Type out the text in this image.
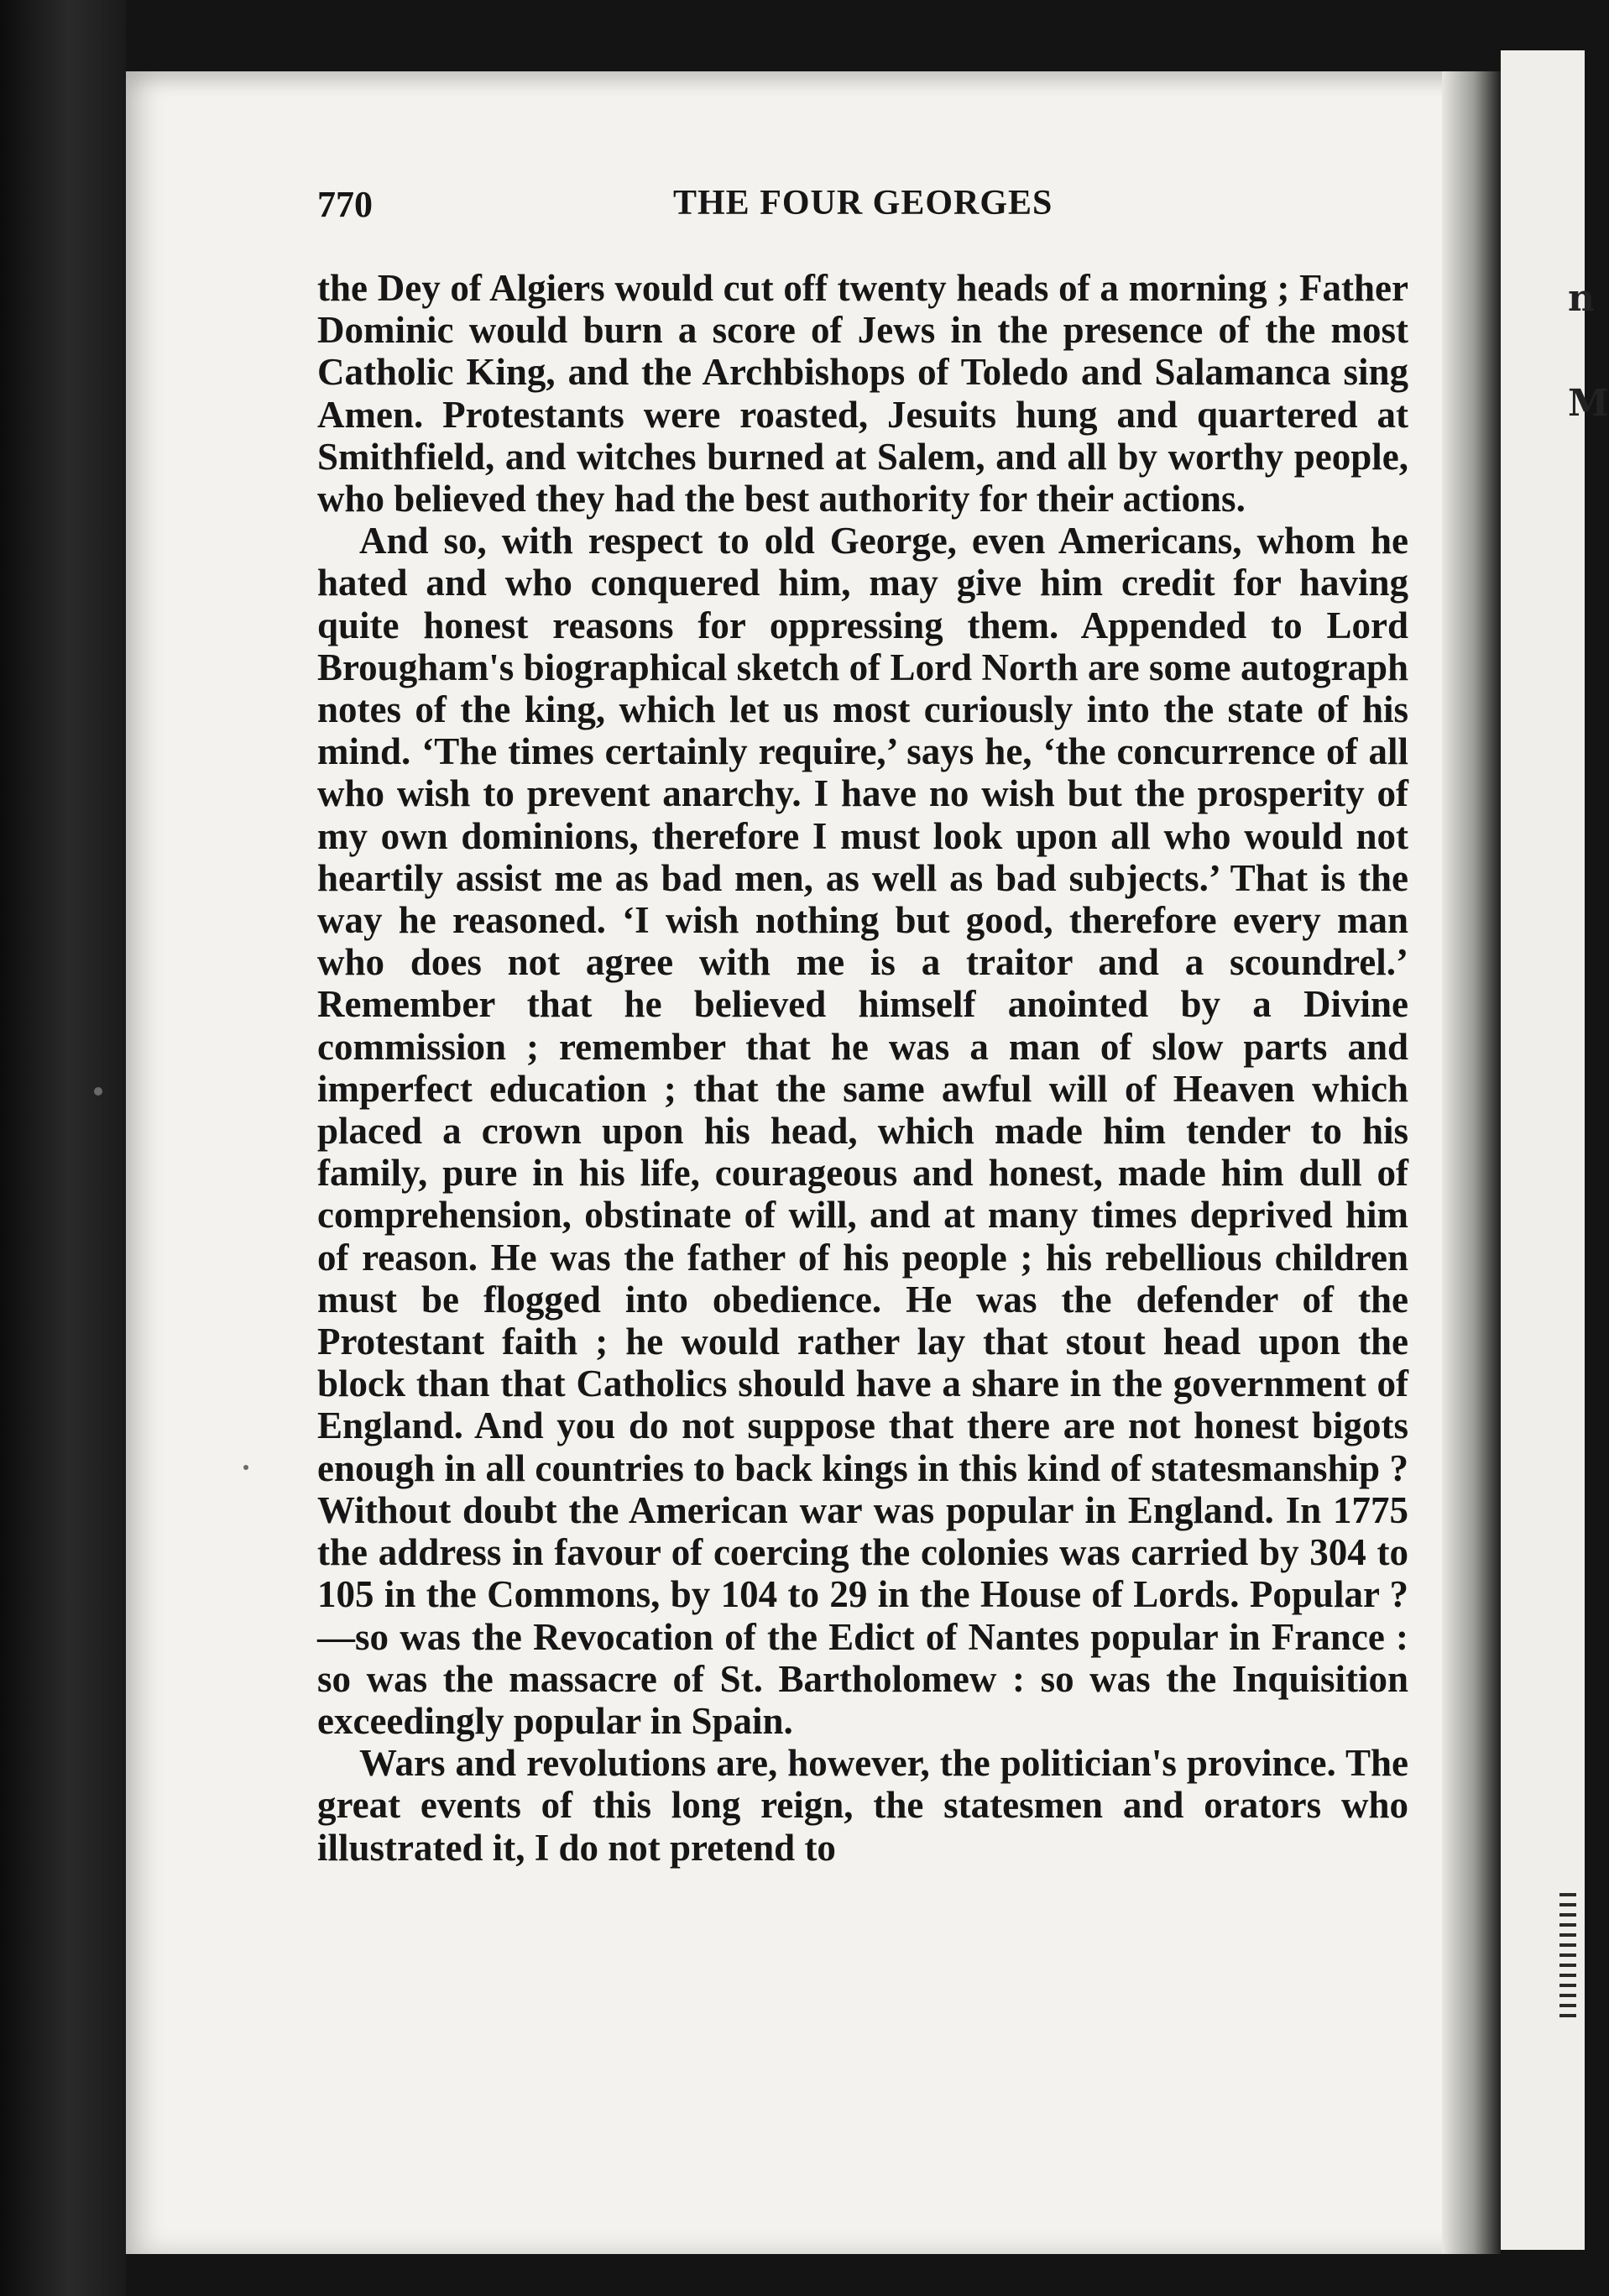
n
M
770	THE FOUR GEORGES

the Dey of Algiers would cut off twenty heads of a morning ; Father Dominic would burn a score of Jews in the presence of the most Catholic King, and the Archbishops of Toledo and Salamanca sing Amen. Protestants were roasted, Jesuits hung and quartered at Smithfield, and witches burned at Salem, and all by worthy people, who believed they had the best authority for their actions.

And so, with respect to old George, even Americans, whom he hated and who conquered him, may give him credit for having quite honest reasons for oppressing them. Appended to Lord Brougham's biographical sketch of Lord North are some autograph notes of the king, which let us most curiously into the state of his mind. ‘The times certainly require,’ says he, ‘the concurrence of all who wish to prevent anarchy. I have no wish but the prosperity of my own dominions, therefore I must look upon all who would not heartily assist me as bad men, as well as bad subjects.’ That is the way he reasoned. ‘I wish nothing but good, therefore every man who does not agree with me is a traitor and a scoundrel.’ Remember that he believed himself anointed by a Divine commission ; remember that he was a man of slow parts and imperfect education ; that the same awful will of Heaven which placed a crown upon his head, which made him tender to his family, pure in his life, courageous and honest, made him dull of comprehension, obstinate of will, and at many times deprived him of reason. He was the father of his people ; his rebellious children must be flogged into obedience. He was the defender of the Protestant faith ; he would rather lay that stout head upon the block than that Catholics should have a share in the government of England. And you do not suppose that there are not honest bigots enough in all countries to back kings in this kind of statesmanship ? Without doubt the American war was popular in England. In 1775 the address in favour of coercing the colonies was carried by 304 to 105 in the Commons, by 104 to 29 in the House of Lords. Popular ?—so was the Revocation of the Edict of Nantes popular in France : so was the massacre of St. Bartholomew : so was the Inquisition exceedingly popular in Spain.

Wars and revolutions are, however, the politician's province. The great events of this long reign, the statesmen and orators who illustrated it, I do not pretend to
